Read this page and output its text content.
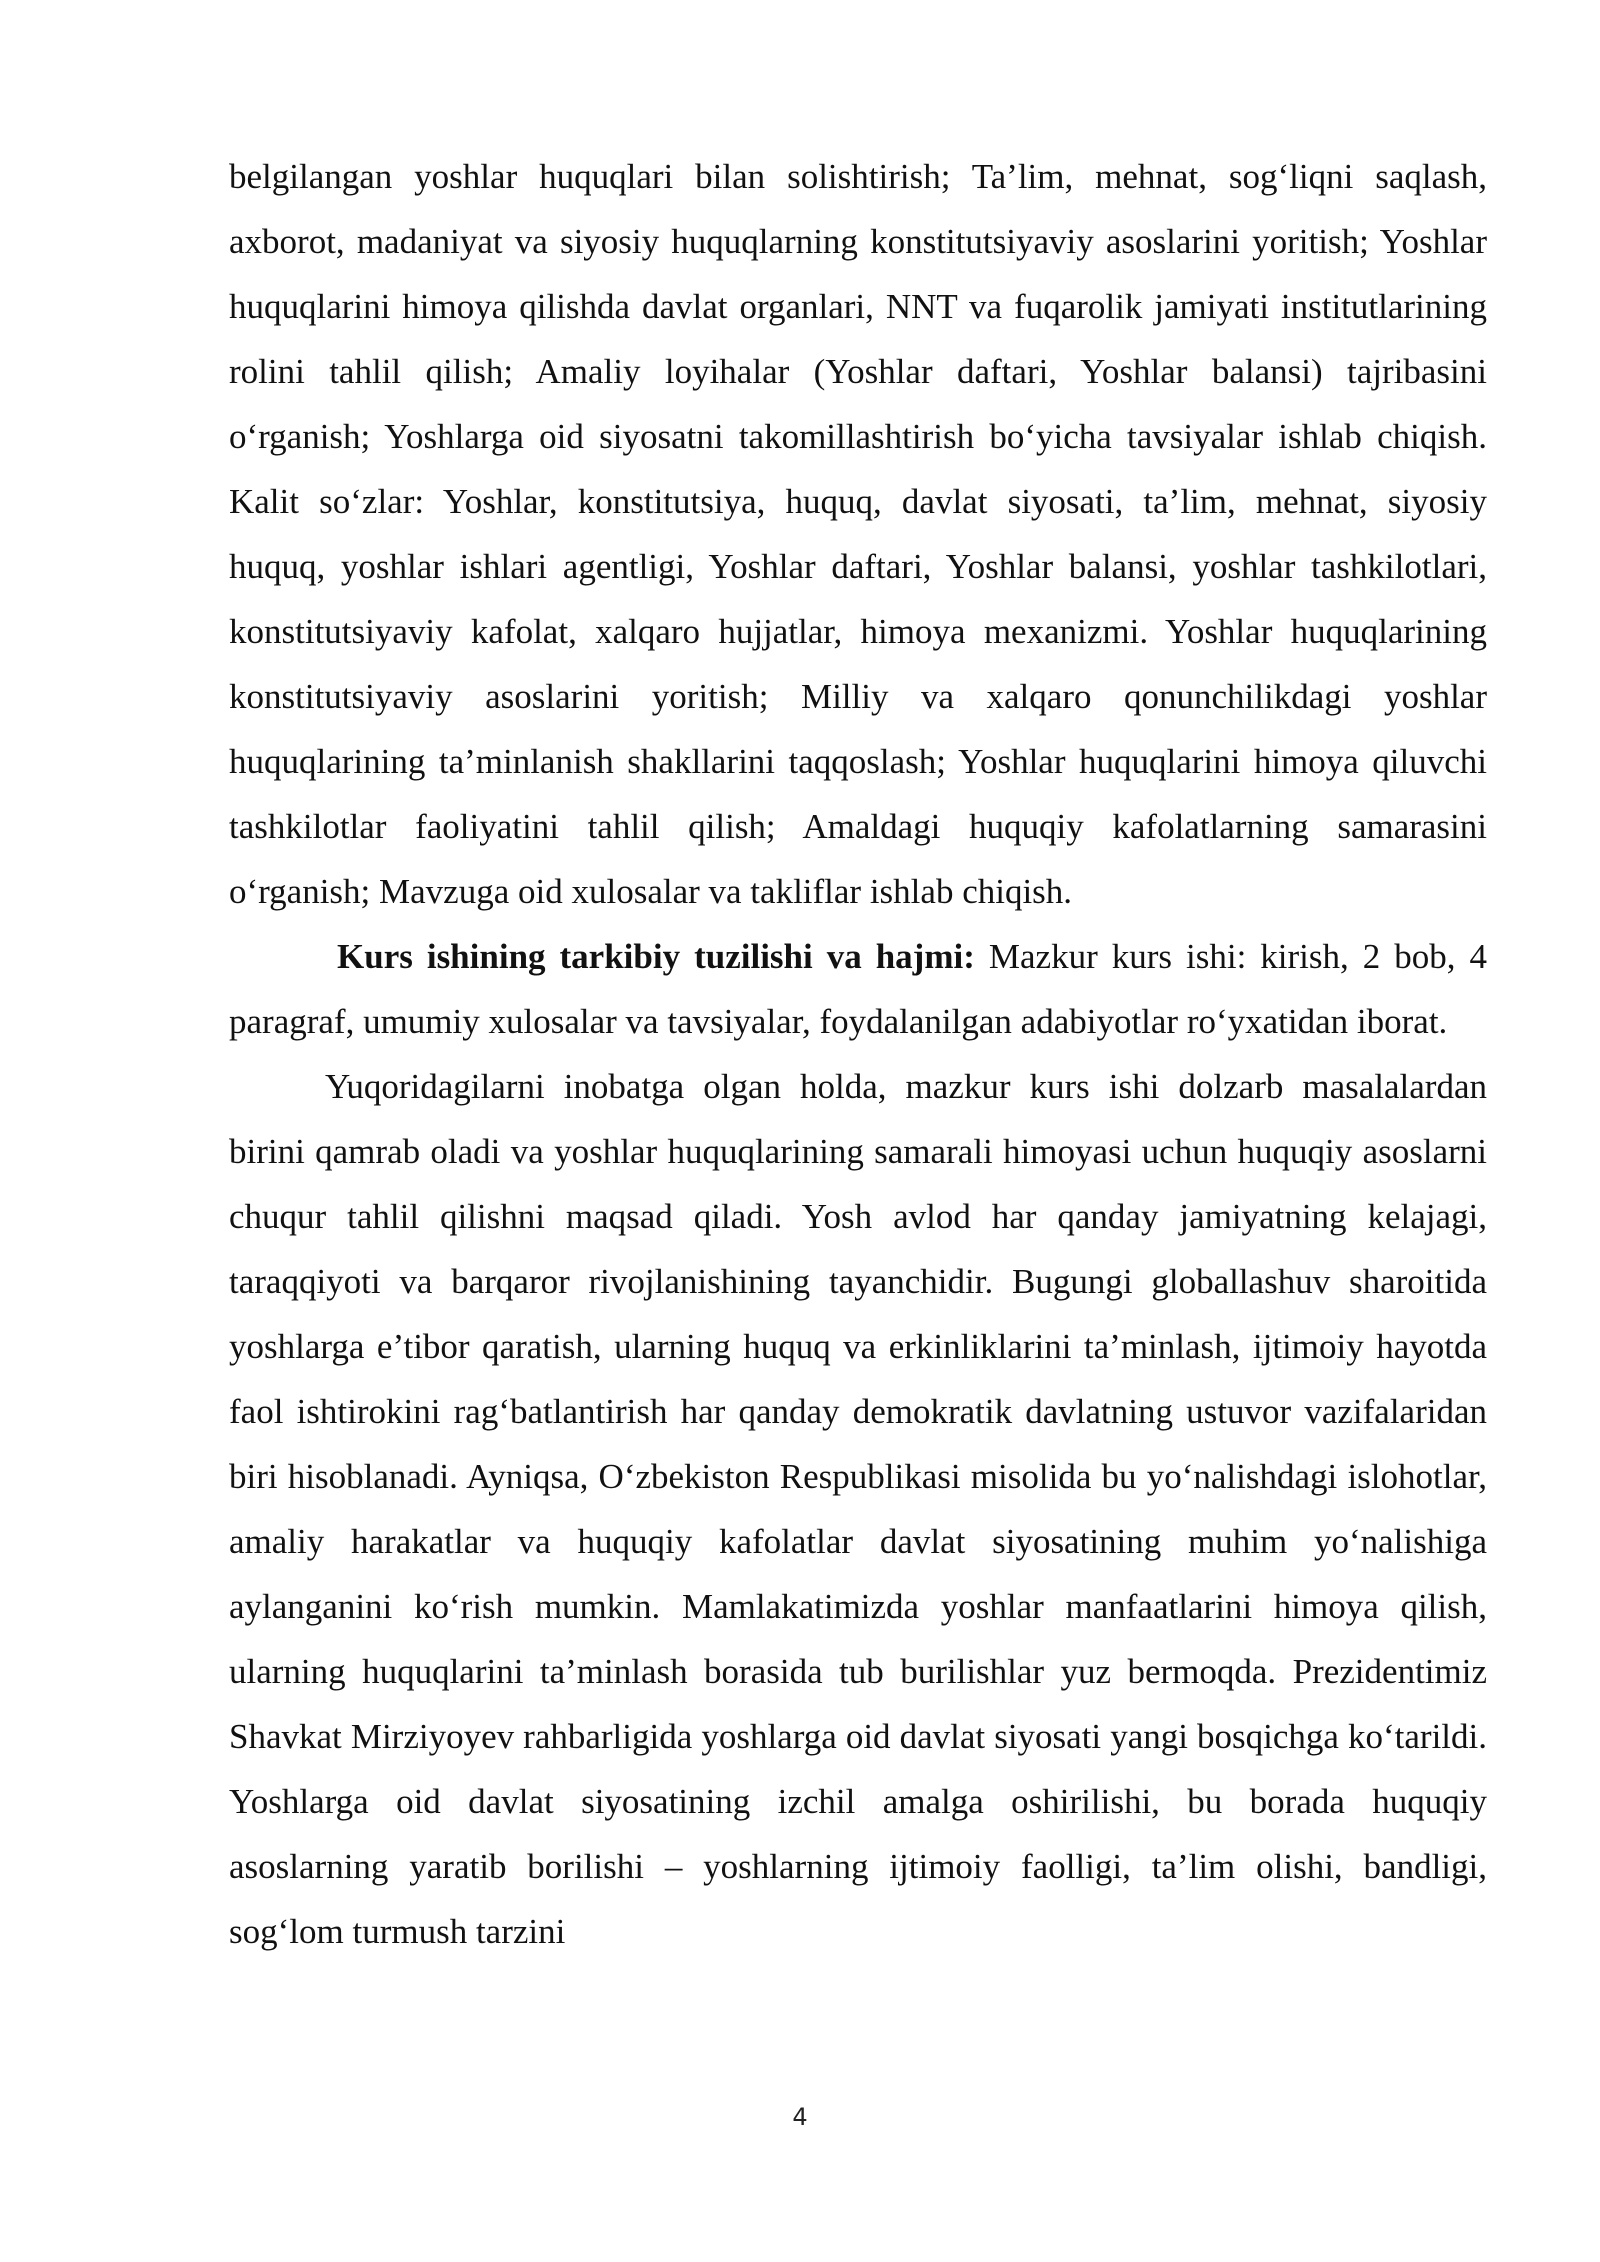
belgilangan yoshlar huquqlari bilan solishtirish; Ta’lim, mehnat, sog‘liqni saqlash, axborot, madaniyat va siyosiy huquqlarning konstitutsiyaviy asoslarini yoritish; Yoshlar huquqlarini himoya qilishda davlat organlari, NNT va fuqarolik jamiyati institutlarining rolini tahlil qilish; Amaliy loyihalar (Yoshlar daftari, Yoshlar balansi) tajribasini o‘rganish; Yoshlarga oid siyosatni takomillashtirish bo‘yicha tavsiyalar ishlab chiqish. Kalit so‘zlar: Yoshlar, konstitutsiya, huquq, davlat siyosati, ta’lim, mehnat, siyosiy huquq, yoshlar ishlari agentligi, Yoshlar daftari, Yoshlar balansi, yoshlar tashkilotlari, konstitutsiyaviy kafolat, xalqaro hujjatlar, himoya mexanizmi. Yoshlar huquqlarining konstitutsiyaviy asoslarini yoritish; Milliy va xalqaro qonunchilikdagi yoshlar huquqlarining ta’minlanish shakllarini taqqoslash; Yoshlar huquqlarini himoya qiluvchi tashkilotlar faoliyatini tahlil qilish; Amaldagi huquqiy kafolatlarning samarasini o‘rganish; Mavzuga oid xulosalar va takliflar ishlab chiqish.

Kurs ishining tarkibiy tuzilishi va hajmi: Mazkur kurs ishi: kirish, 2 bob, 4 paragraf, umumiy xulosalar va tavsiyalar, foydalanilgan adabiyotlar ro‘yxatidan iborat.

Yuqoridagilarni inobatga olgan holda, mazkur kurs ishi dolzarb masalalardan birini qamrab oladi va yoshlar huquqlarining samarali himoyasi uchun huquqiy asoslarni chuqur tahlil qilishni maqsad qiladi. Yosh avlod har qanday jamiyatning kelajagi, taraqqiyoti va barqaror rivojlanishining tayanchidir. Bugungi globallashuv sharoitida yoshlarga e’tibor qaratish, ularning huquq va erkinliklarini ta’minlash, ijtimoiy hayotda faol ishtirokini rag‘batlantirish har qanday demokratik davlatning ustuvor vazifalaridan biri hisoblanadi. Ayniqsa, O‘zbekiston Respublikasi misolida bu yo‘nalishdagi islohotlar, amaliy harakatlar va huquqiy kafolatlar davlat siyosatining muhim yo‘nalishiga aylanganini ko‘rish mumkin. Mamlakatimizda yoshlar manfaatlarini himoya qilish, ularning huquqlarini ta’minlash borasida tub burilishlar yuz bermoqda. Prezidentimiz Shavkat Mirziyoyev rahbarligida yoshlarga oid davlat siyosati yangi bosqichga ko‘tarildi. Yoshlarga oid davlat siyosatining izchil amalga oshirilishi, bu borada huquqiy asoslarning yaratib borilishi – yoshlarning ijtimoiy faolligi, ta’lim olishi, bandligi, sog‘lom turmush tarzini

4
